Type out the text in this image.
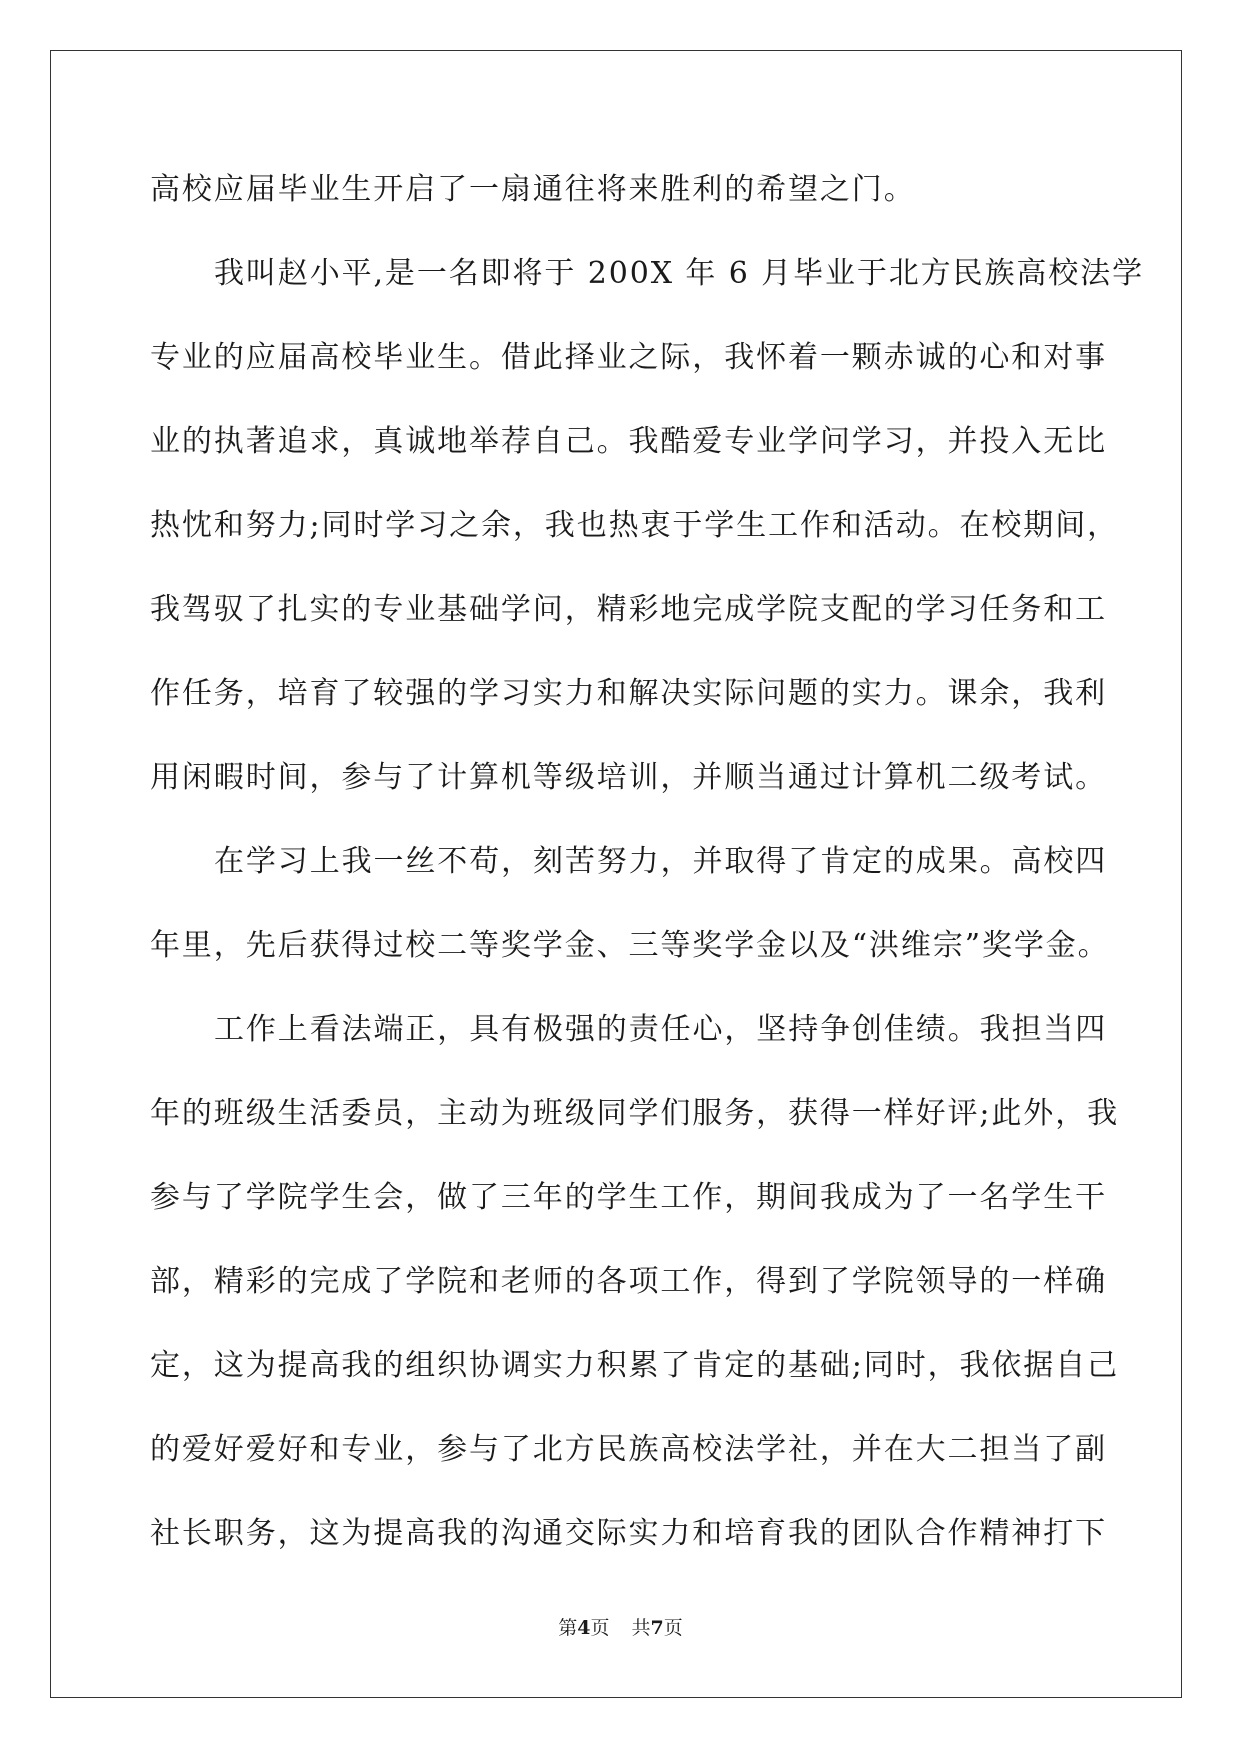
高校应届毕业生开启了一扇通往将来胜利的希望之门。
我叫赵小平,是一名即将于 200X 年 6 月毕业于北方民族高校法学
专业的应届高校毕业生。借此择业之际，我怀着一颗赤诚的心和对事
业的执著追求，真诚地举荐自己。我酷爱专业学问学习，并投入无比
热忱和努力;同时学习之余，我也热衷于学生工作和活动。在校期间，
我驾驭了扎实的专业基础学问，精彩地完成学院支配的学习任务和工
作任务，培育了较强的学习实力和解决实际问题的实力。课余，我利
用闲暇时间，参与了计算机等级培训，并顺当通过计算机二级考试。
在学习上我一丝不苟，刻苦努力，并取得了肯定的成果。高校四
年里，先后获得过校二等奖学金、三等奖学金以及“洪维宗”奖学金。
工作上看法端正，具有极强的责任心，坚持争创佳绩。我担当四
年的班级生活委员，主动为班级同学们服务，获得一样好评;此外，我
参与了学院学生会，做了三年的学生工作，期间我成为了一名学生干
部，精彩的完成了学院和老师的各项工作，得到了学院领导的一样确
定，这为提高我的组织协调实力积累了肯定的基础;同时，我依据自己
的爱好爱好和专业，参与了北方民族高校法学社，并在大二担当了副
社长职务，这为提高我的沟通交际实力和培育我的团队合作精神打下
第4页 共7页
